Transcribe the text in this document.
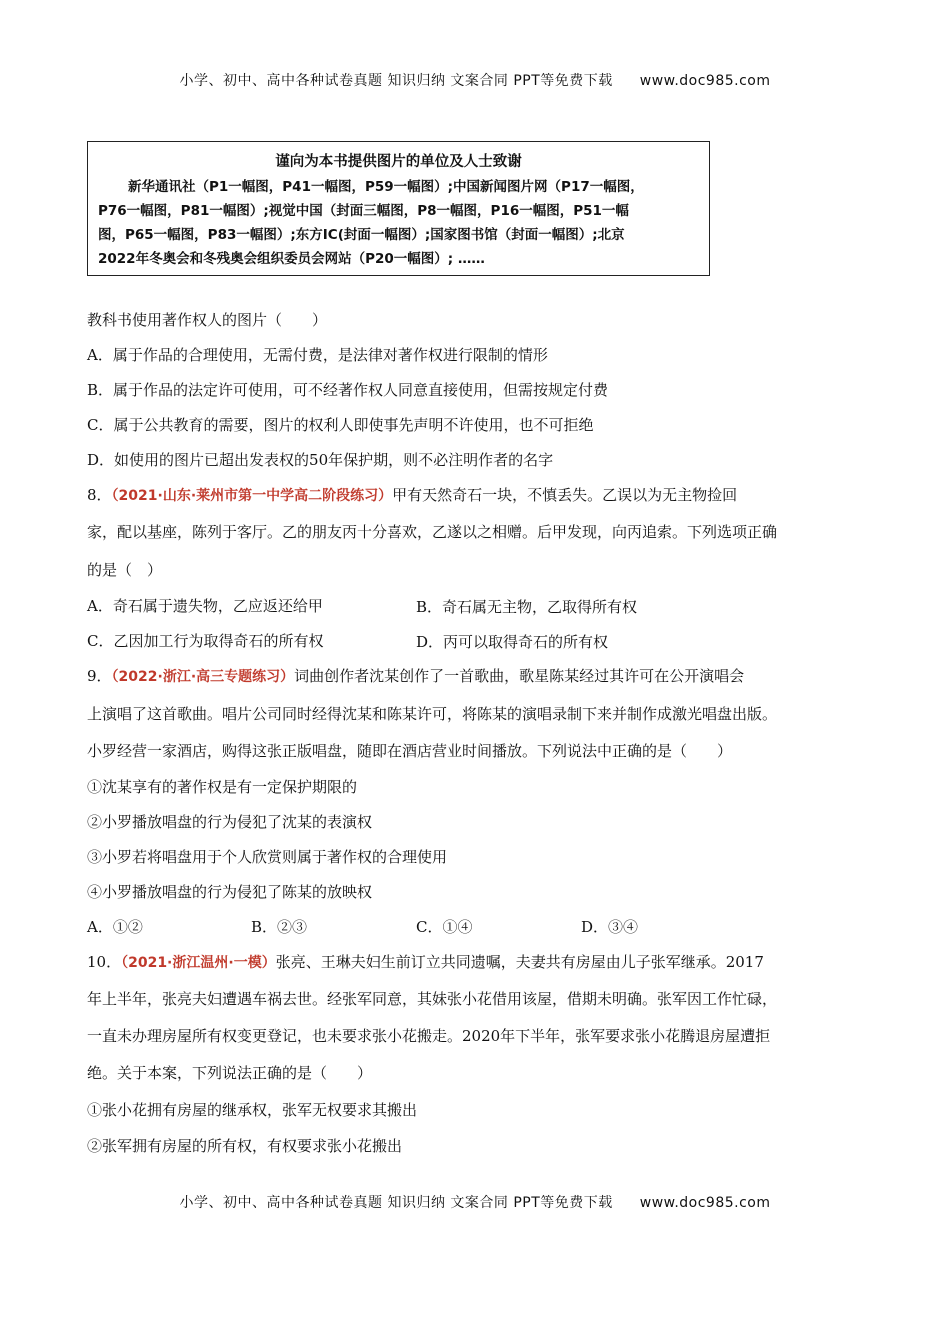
小学、初中、高中各种试卷真题 知识归纳 文案合同 PPT等免费下载 www.doc985.com
谨向为本书提供图片的单位及人士致谢
新华通讯社（P1一幅图，P41一幅图，P59一幅图）;中国新闻图片网（P17一幅图，
P76一幅图，P81一幅图）;视觉中国（封面三幅图，P8一幅图，P16一幅图，P51一幅
图，P65一幅图，P83一幅图）;东方IC(封面一幅图）;国家图书馆（封面一幅图）;北京
2022年冬奥会和冬残奥会组织委员会网站（P20一幅图）; ……
教科书使用著作权人的图片（　　）
A．属于作品的合理使用，无需付费，是法律对著作权进行限制的情形
B．属于作品的法定许可使用，可不经著作权人同意直接使用，但需按规定付费
C．属于公共教育的需要，图片的权利人即使事先声明不许使用，也不可拒绝
D．如使用的图片已超出发表权的50年保护期，则不必注明作者的名字
8．（2021·山东·莱州市第一中学高二阶段练习）甲有天然奇石一块，不慎丢失。乙误以为无主物捡回
家，配以基座，陈列于客厅。乙的朋友丙十分喜欢，乙遂以之相赠。后甲发现，向丙追索。下列选项正确
的是（　）
A．奇石属于遗失物，乙应返还给甲	B．奇石属无主物，乙取得所有权
C．乙因加工行为取得奇石的所有权	D．丙可以取得奇石的所有权
9．（2022·浙江·高三专题练习）词曲创作者沈某创作了一首歌曲，歌星陈某经过其许可在公开演唱会
上演唱了这首歌曲。唱片公司同时经得沈某和陈某许可，将陈某的演唱录制下来并制作成激光唱盘出版。
小罗经营一家酒店，购得这张正版唱盘，随即在酒店营业时间播放。下列说法中正确的是（　　）
①沈某享有的著作权是有一定保护期限的
②小罗播放唱盘的行为侵犯了沈某的表演权
③小罗若将唱盘用于个人欣赏则属于著作权的合理使用
④小罗播放唱盘的行为侵犯了陈某的放映权
A．①②	B．②③	C．①④	D．③④
10．（2021·浙江温州·一模）张亮、王琳夫妇生前订立共同遗嘱，夫妻共有房屋由儿子张军继承。2017
年上半年，张亮夫妇遭遇车祸去世。经张军同意，其妹张小花借用该屋，借期未明确。张军因工作忙碌，
一直未办理房屋所有权变更登记，也未要求张小花搬走。2020年下半年，张军要求张小花腾退房屋遭拒
绝。关于本案，下列说法正确的是（　　）
①张小花拥有房屋的继承权，张军无权要求其搬出
②张军拥有房屋的所有权，有权要求张小花搬出
小学、初中、高中各种试卷真题 知识归纳 文案合同 PPT等免费下载 www.doc985.com
